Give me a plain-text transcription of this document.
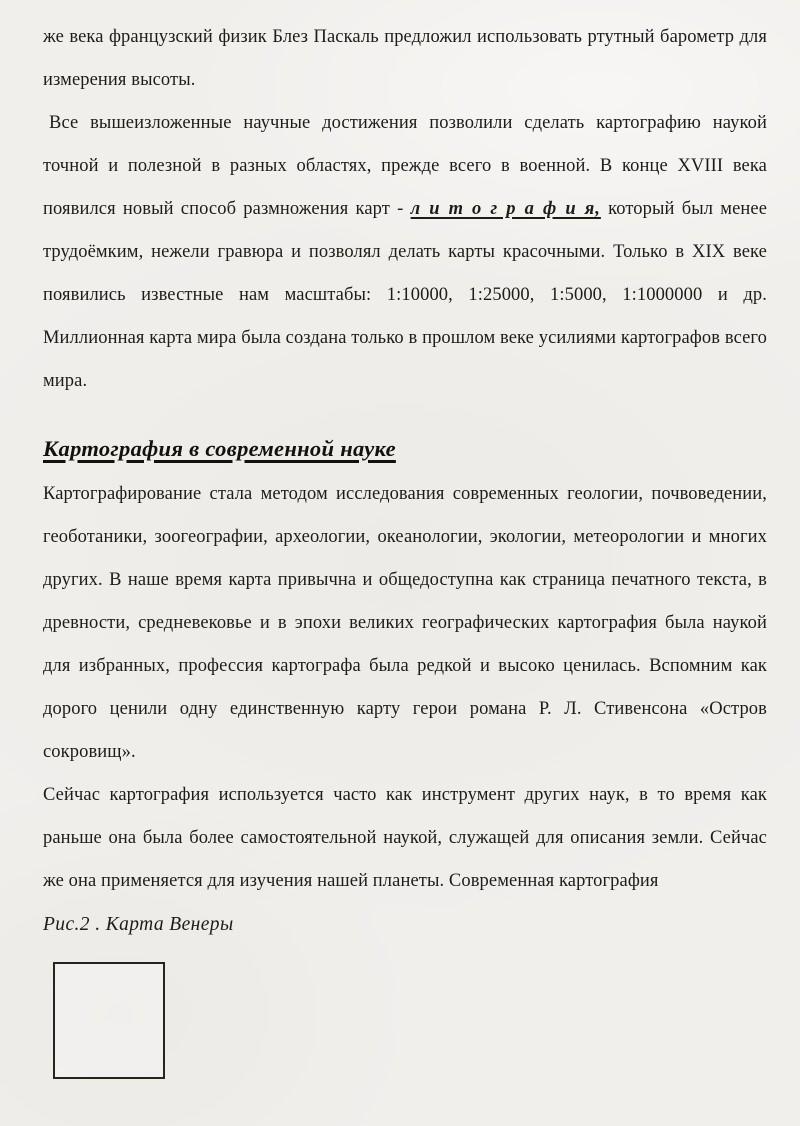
же века французский физик Блез Паскаль предложил использовать ртутный барометр для
измерения высоты.
Все вышеизложенные научные достижения позволили сделать картографию наукой
точной и полезной в разных областях, прежде всего в военной. В конце XVIII века
появился новый способ размножения карт - л и т о г р а ф и я, который был менее
трудоёмким, нежели гравюра и позволял делать карты красочными. Только в XIX веке
появились известные нам масштабы: 1:10000, 1:25000, 1:5000, 1:1000000 и др.
Миллионная карта мира была создана только в прошлом веке усилиями картографов всего
мира.
Картография в современной науке
Картографирование стала методом исследования современных геологии, почвоведении,
геоботаники, зоогеографии, археологии, океанологии, экологии, метеорологии и многих
других. В наше время карта привычна и общедоступна как страница печатного текста, в
древности, средневековье и в эпохи великих географических картография была наукой
для избранных, профессия картографа была редкой и высоко ценилась. Вспомним как
дорого ценили одну единственную карту герои романа Р. Л. Стивенсона «Остров
сокровищ».
Сейчас картография используется часто как инструмент других наук, в то время как
раньше она была более самостоятельной наукой, служащей для описания земли. Сейчас
же она применяется для изучения нашей планеты. Современная картография
Рис.2 . Карта Венеры
